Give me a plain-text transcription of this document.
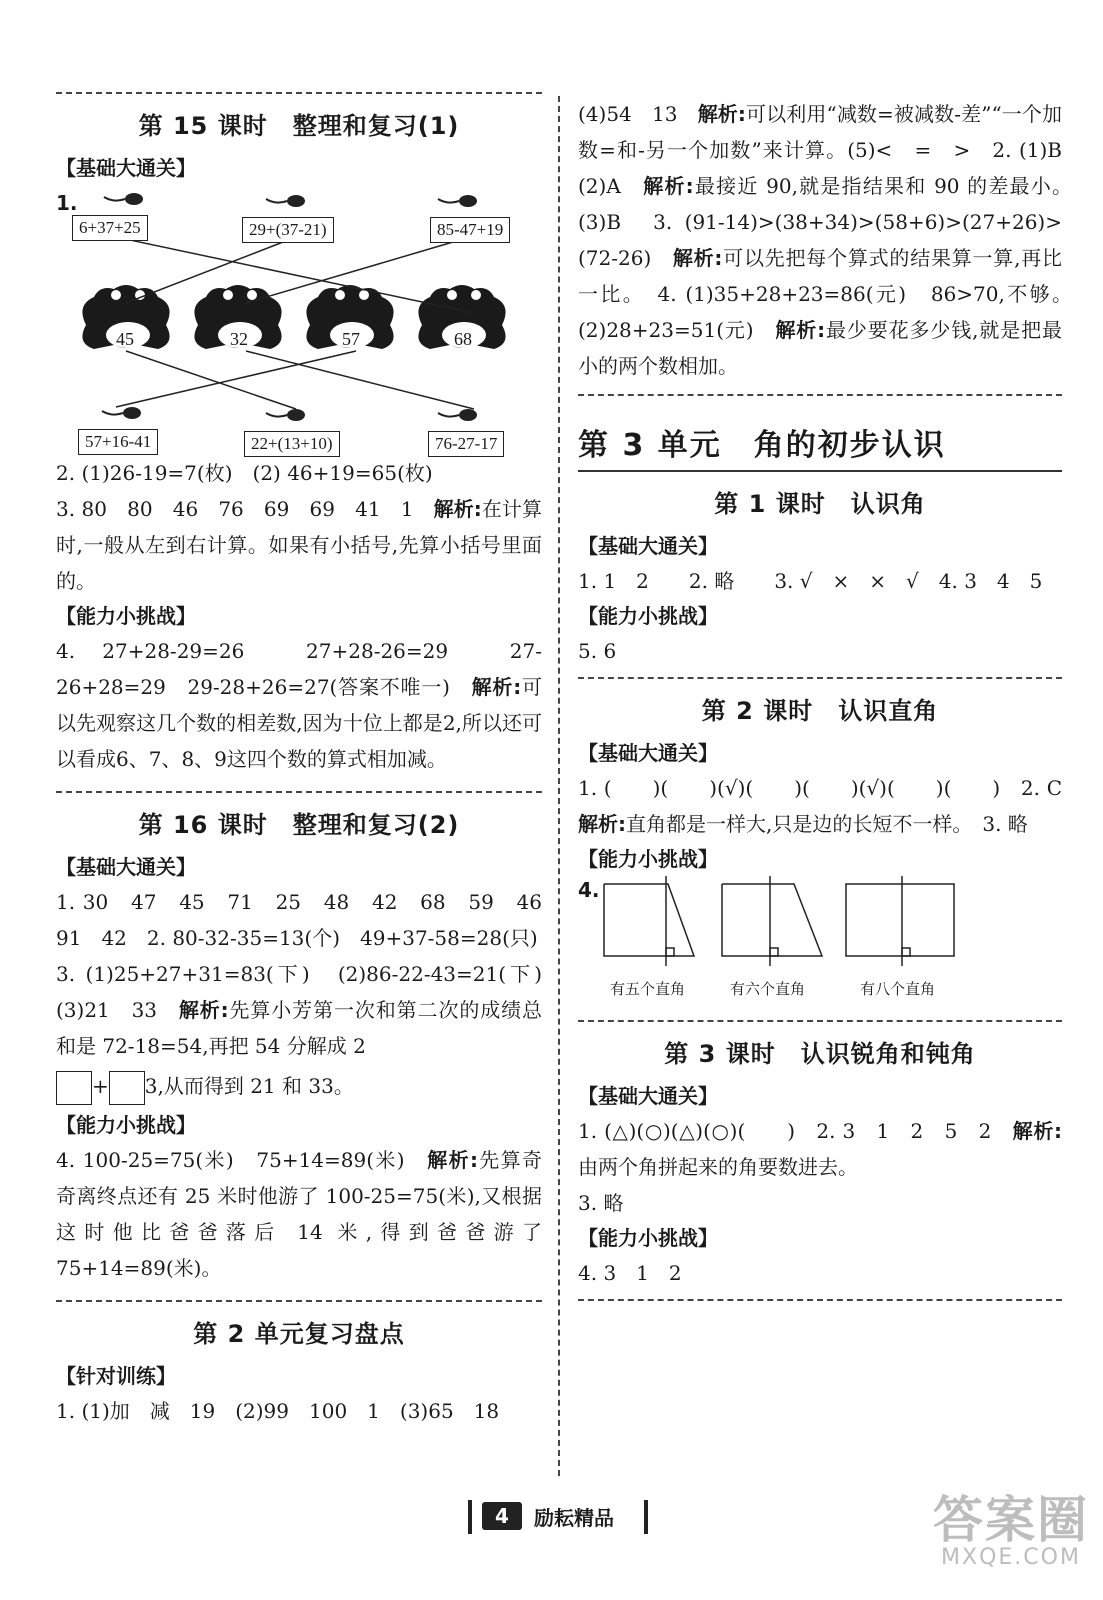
第 15 课时　整理和复习(1)
【基础大通关】
1.
6+37+25	29+(37-21)	85-47+19
45	32	57	68
57+16-41	22+(13+10)	76-27-17

2. (1)26-19=7(枚)　(2) 46+19=65(枚)

3. 80　80　46　76　69　69　41　1　解析:在计算时,一般从左到右计算。如果有小括号,先算小括号里面的。

【能力小挑战】

4. 27+28-29=26　27+28-26=29　27-26+28=29　29-28+26=27(答案不唯一)　解析:可以先观察这几个数的相差数,因为十位上都是2,所以还可以看成6、7、8、9这四个数的算式相加减。

第 16 课时　整理和复习(2)
【基础大通关】

1. 30　47　45　71　25　48　42　68　59　46　91　42　2. 80-32-35=13(个)　49+37-58=28(只)

3. (1)25+27+31=83(下)　(2)86-22-43=21(下)　(3)21　33　解析:先算小芳第一次和第二次的成绩总和是 72-18=54,再把 54 分解成 2

+ 3,从而得到 21 和 33。

【能力小挑战】

4. 100-25=75(米)　75+14=89(米)　解析:先算奇奇离终点还有 25 米时他游了 100-25=75(米),又根据这时他比爸爸落后 14 米,得到爸爸游了 75+14=89(米)。

第 2 单元复习盘点
【针对训练】

1. (1)加　减　19　(2)99　100　1　(3)65　18

(4)54　13　解析:可以利用“减数=被减数-差”“一个加数=和-另一个加数”来计算。(5)<　=　>　2. (1)B　(2)A　解析:最接近 90,就是指结果和 90 的差最小。　(3)B　3. (91-14)>(38+34)>(58+6)>(27+26)>(72-26)　解析:可以先把每个算式的结果算一算,再比一比。　4. (1)35+28+23=86(元)　86>70,不够。　(2)28+23=51(元)　解析:最少要花多少钱,就是把最小的两个数相加。

第 3 单元　角的初步认识
第 1 课时　认识角
【基础大通关】

1. 1　2　　2. 略　　3. √　×　×　√　4. 3　4　5

【能力小挑战】

5. 6

第 2 课时　认识直角
【基础大通关】

1. (　　)(　　)(√)(　　)(　　)(√)(　　)(　　)　2. C　解析:直角都是一样大,只是边的长短不一样。　3. 略

【能力小挑战】
4.
有五个直角	有六个直角	有八个直角
第 3 课时　认识锐角和钝角
【基础大通关】

1. (△)(○)(△)(○)(　　)　2. 3　1　2　5　2　解析:由两个角拼起来的角要数进去。

3. 略

【能力小挑战】

4. 3　1　2

4	励耘精品	答案圈
MXQE.COM
